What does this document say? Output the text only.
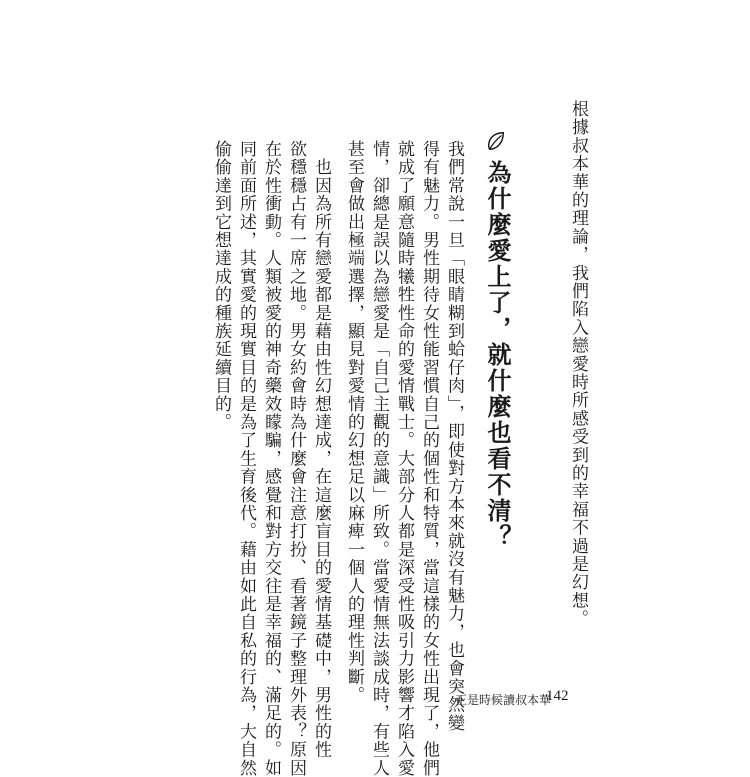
根據叔本華的理論，我們陷入戀愛時所感受到的幸福不過是幻想。
為什麼愛上了，就什麼也看不清？
我們常說一旦「眼睛糊到蛤仔肉」，即使對方本來就沒有魅力，也會突然變
得有魅力。男性期待女性能習慣自己的個性和特質，當這樣的女性出現了，他們
就成了願意隨時犧牲性命的愛情戰士。大部分人都是深受性吸引力影響才陷入愛
情，卻總是誤以為戀愛是「自己主觀的意識」所致。當愛情無法談成時，有些人
甚至會做出極端選擇，顯見對愛情的幻想足以麻痺一個人的理性判斷。
　也因為所有戀愛都是藉由性幻想達成，在這麼盲目的愛情基礎中，男性的性
欲穩穩占有一席之地。男女約會時為什麼會注意打扮、看著鏡子整理外表？原因
在於性衝動。人類被愛的神奇藥效矇騙，感覺和對方交往是幸福的、滿足的。如
同前面所述，其實愛的現實目的是為了生育後代。藉由如此自私的行為，大自然
偷偷達到它想達成的種族延續目的。
正是時候讀叔本華
142
